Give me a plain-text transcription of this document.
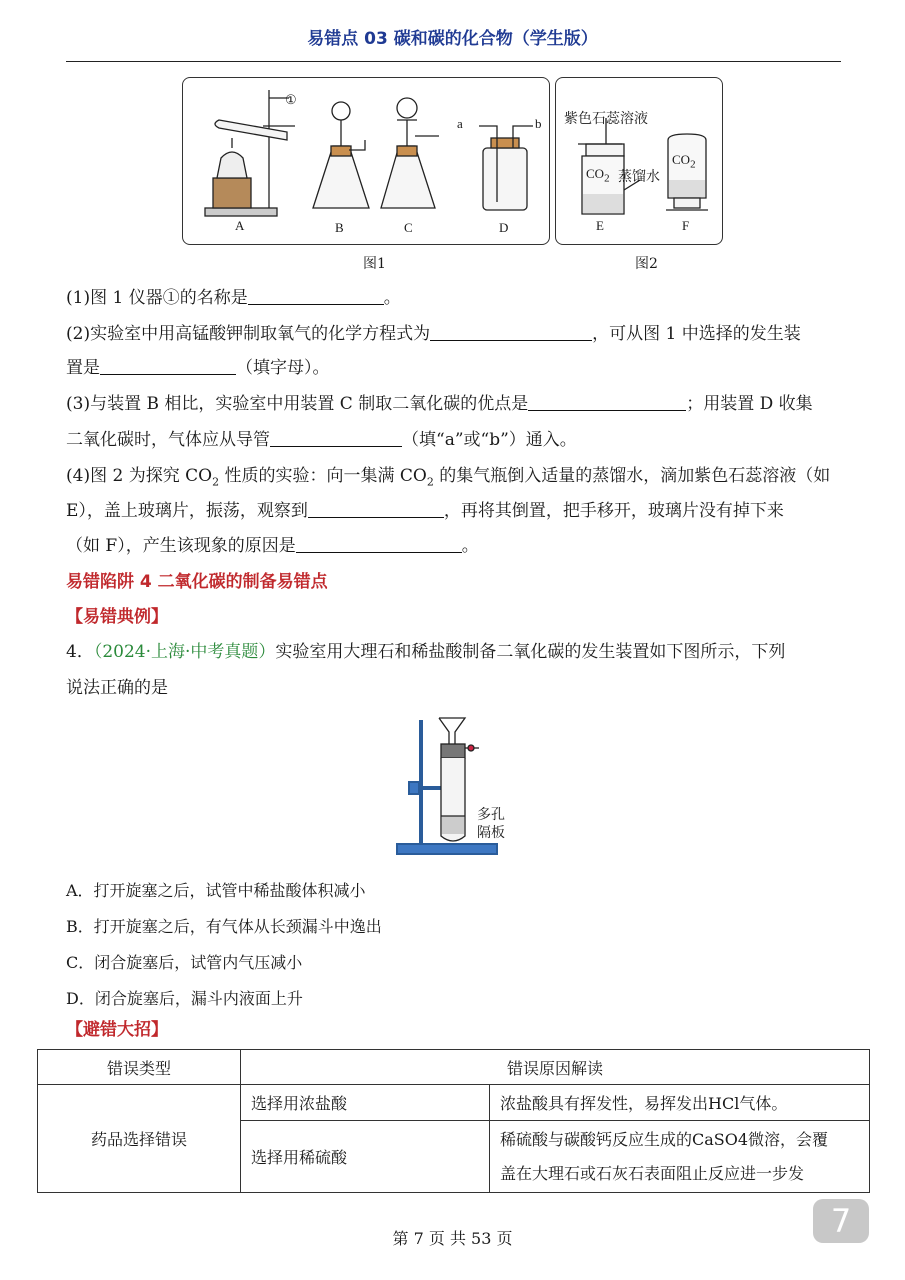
易错点 03 碳和碳的化合物（学生版）
①
A	B	C	D
a	b
图1
紫色石蕊溶液
$CO_2$
$CO_2$
蒸馏水
E	F
图2
(1)图 1 仪器①的名称是	。
(2)实验室中用高锰酸钾制取氧气的化学方程式为	，可从图 1 中选择的发生装
置是	（填字母）。
(3)与装置 B 相比，实验室中用装置 C 制取二氧化碳的优点是	；用装置 D 收集
二氧化碳时，气体应从导管	（填“a”或“b”）通入。
(4)图 2 为探究 $CO_2$ 性质的实验：向一集满 $CO_2$ 的集气瓶倒入适量的蒸馏水，滴加紫色石蕊溶液（如
E），盖上玻璃片，振荡，观察到	，再将其倒置，把手移开，玻璃片没有掉下来
（如 F），产生该现象的原因是	。
易错陷阱 4 二氧化碳的制备易错点
【易错典例】
4．（2024·上海·中考真题）实验室用大理石和稀盐酸制备二氧化碳的发生装置如下图所示，下列
说法正确的是
多孔
隔板
A．打开旋塞之后，试管中稀盐酸体积减小
B．打开旋塞之后，有气体从长颈漏斗中逸出
C．闭合旋塞后，试管内气压减小
D．闭合旋塞后，漏斗内液面上升
【避错大招】
错误类型	错误原因解读	
药品选择错误	选择用浓盐酸	浓盐酸具有挥发性，易挥发出HCl气体。
	选择用稀硫酸	稀硫酸与碳酸钙反应生成的CaSO4微溶，会覆
盖在大理石或石灰石表面阻止反应进一步发
第 7 页 共 53 页	7
